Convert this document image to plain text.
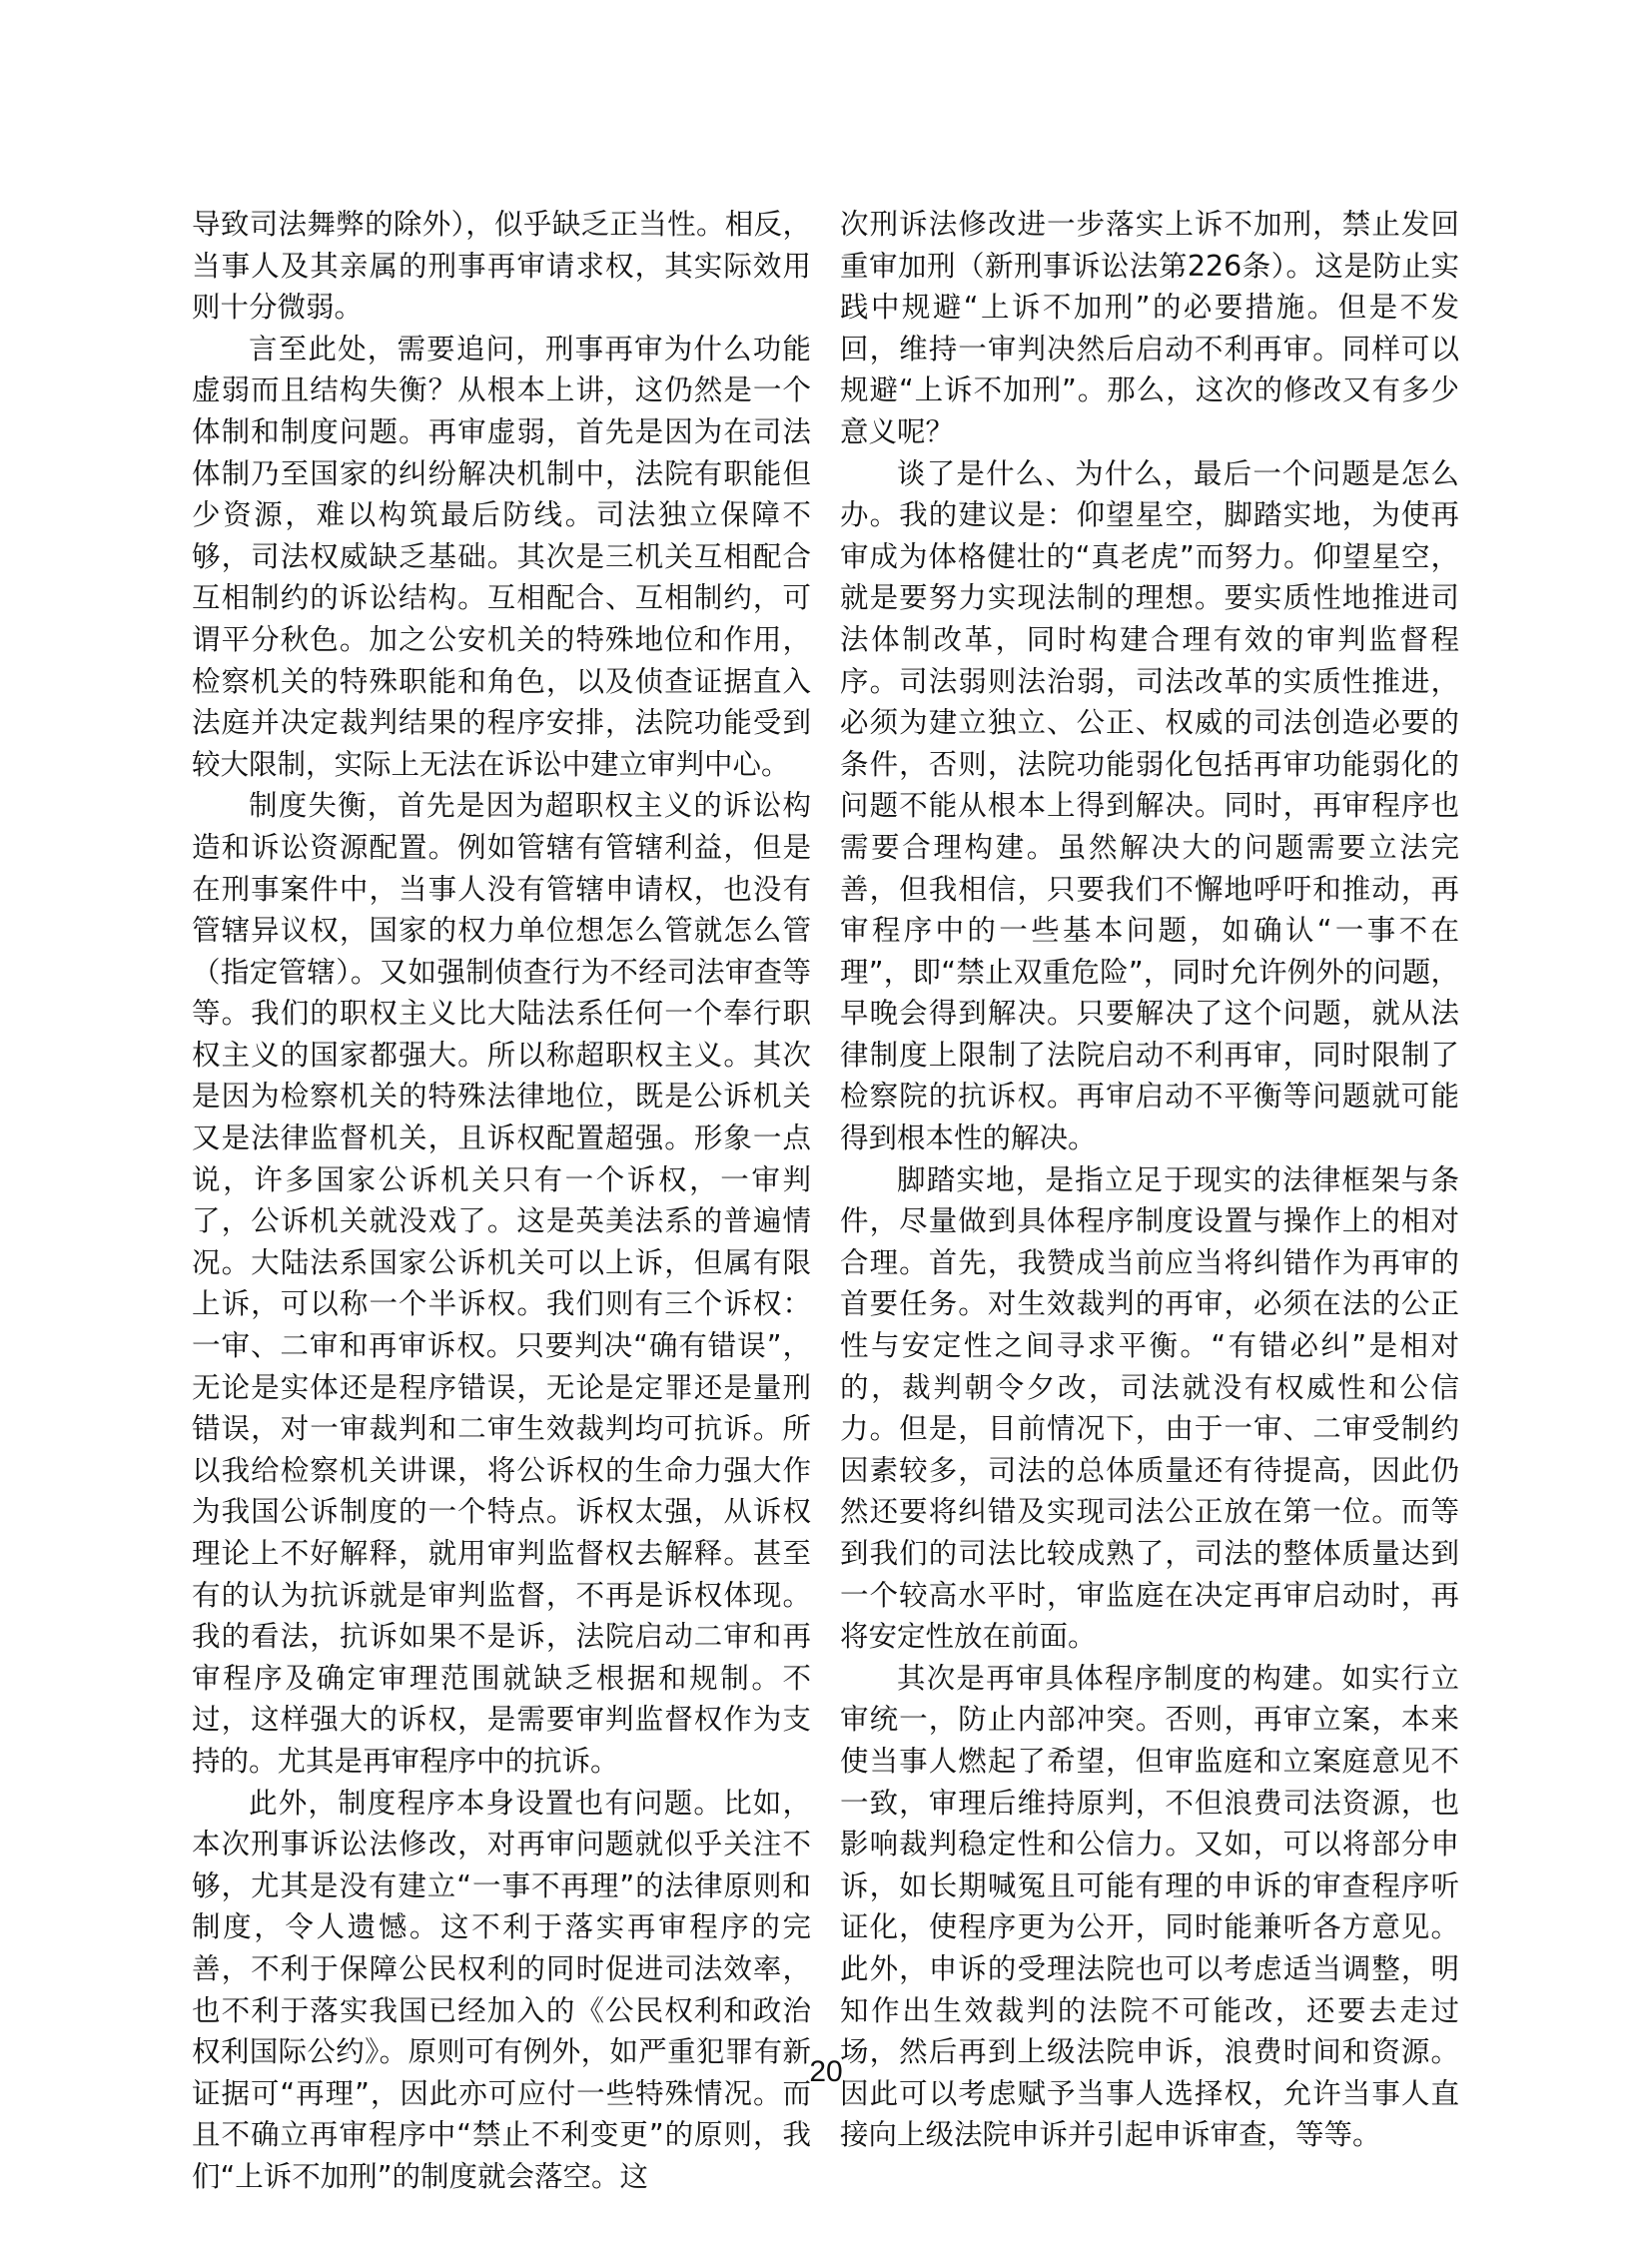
导致司法舞弊的除外），似乎缺乏正当性。相反，当事人及其亲属的刑事再审请求权，其实际效用则十分微弱。

言至此处，需要追问，刑事再审为什么功能虚弱而且结构失衡？从根本上讲，这仍然是一个体制和制度问题。再审虚弱，首先是因为在司法体制乃至国家的纠纷解决机制中，法院有职能但少资源，难以构筑最后防线。司法独立保障不够，司法权威缺乏基础。其次是三机关互相配合互相制约的诉讼结构。互相配合、互相制约，可谓平分秋色。加之公安机关的特殊地位和作用，检察机关的特殊职能和角色，以及侦查证据直入法庭并决定裁判结果的程序安排，法院功能受到较大限制，实际上无法在诉讼中建立审判中心。

制度失衡，首先是因为超职权主义的诉讼构造和诉讼资源配置。例如管辖有管辖利益，但是在刑事案件中，当事人没有管辖申请权，也没有管辖异议权，国家的权力单位想怎么管就怎么管（指定管辖）。又如强制侦查行为不经司法审查等等。我们的职权主义比大陆法系任何一个奉行职权主义的国家都强大。所以称超职权主义。其次是因为检察机关的特殊法律地位，既是公诉机关又是法律监督机关，且诉权配置超强。形象一点说，许多国家公诉机关只有一个诉权，一审判了，公诉机关就没戏了。这是英美法系的普遍情况。大陆法系国家公诉机关可以上诉，但属有限上诉，可以称一个半诉权。我们则有三个诉权：一审、二审和再审诉权。只要判决“确有错误”，无论是实体还是程序错误，无论是定罪还是量刑错误，对一审裁判和二审生效裁判均可抗诉。所以我给检察机关讲课，将公诉权的生命力强大作为我国公诉制度的一个特点。诉权太强，从诉权理论上不好解释，就用审判监督权去解释。甚至有的认为抗诉就是审判监督，不再是诉权体现。我的看法，抗诉如果不是诉，法院启动二审和再审程序及确定审理范围就缺乏根据和规制。不过，这样强大的诉权，是需要审判监督权作为支持的。尤其是再审程序中的抗诉。

此外，制度程序本身设置也有问题。比如，本次刑事诉讼法修改，对再审问题就似乎关注不够，尤其是没有建立“一事不再理”的法律原则和制度，令人遗憾。这不利于落实再审程序的完善，不利于保障公民权利的同时促进司法效率，也不利于落实我国已经加入的《公民权利和政治权利国际公约》。原则可有例外，如严重犯罪有新证据可“再理”，因此亦可应付一些特殊情况。而且不确立再审程序中“禁止不利变更”的原则，我们“上诉不加刑”的制度就会落空。这

次刑诉法修改进一步落实上诉不加刑，禁止发回重审加刑（新刑事诉讼法第226条）。这是防止实践中规避“上诉不加刑”的必要措施。但是不发回，维持一审判决然后启动不利再审。同样可以规避“上诉不加刑”。那么，这次的修改又有多少意义呢？

谈了是什么、为什么，最后一个问题是怎么办。我的建议是：仰望星空，脚踏实地，为使再审成为体格健壮的“真老虎”而努力。仰望星空，就是要努力实现法制的理想。要实质性地推进司法体制改革，同时构建合理有效的审判监督程序。司法弱则法治弱，司法改革的实质性推进，必须为建立独立、公正、权威的司法创造必要的条件，否则，法院功能弱化包括再审功能弱化的问题不能从根本上得到解决。同时，再审程序也需要合理构建。虽然解决大的问题需要立法完善，但我相信，只要我们不懈地呼吁和推动，再审程序中的一些基本问题，如确认“一事不在理”，即“禁止双重危险”，同时允许例外的问题，早晚会得到解决。只要解决了这个问题，就从法律制度上限制了法院启动不利再审，同时限制了检察院的抗诉权。再审启动不平衡等问题就可能得到根本性的解决。

脚踏实地，是指立足于现实的法律框架与条件，尽量做到具体程序制度设置与操作上的相对合理。首先，我赞成当前应当将纠错作为再审的首要任务。对生效裁判的再审，必须在法的公正性与安定性之间寻求平衡。“有错必纠”是相对的，裁判朝令夕改，司法就没有权威性和公信力。但是，目前情况下，由于一审、二审受制约因素较多，司法的总体质量还有待提高，因此仍然还要将纠错及实现司法公正放在第一位。而等到我们的司法比较成熟了，司法的整体质量达到一个较高水平时，审监庭在决定再审启动时，再将安定性放在前面。

其次是再审具体程序制度的构建。如实行立审统一，防止内部冲突。否则，再审立案，本来使当事人燃起了希望，但审监庭和立案庭意见不一致，审理后维持原判，不但浪费司法资源，也影响裁判稳定性和公信力。又如，可以将部分申诉，如长期喊冤且可能有理的申诉的审查程序听证化，使程序更为公开，同时能兼听各方意见。此外，申诉的受理法院也可以考虑适当调整，明知作出生效裁判的法院不可能改，还要去走过场，然后再到上级法院申诉，浪费时间和资源。因此可以考虑赋予当事人选择权，允许当事人直接向上级法院申诉并引起申诉审查，等等。

20
